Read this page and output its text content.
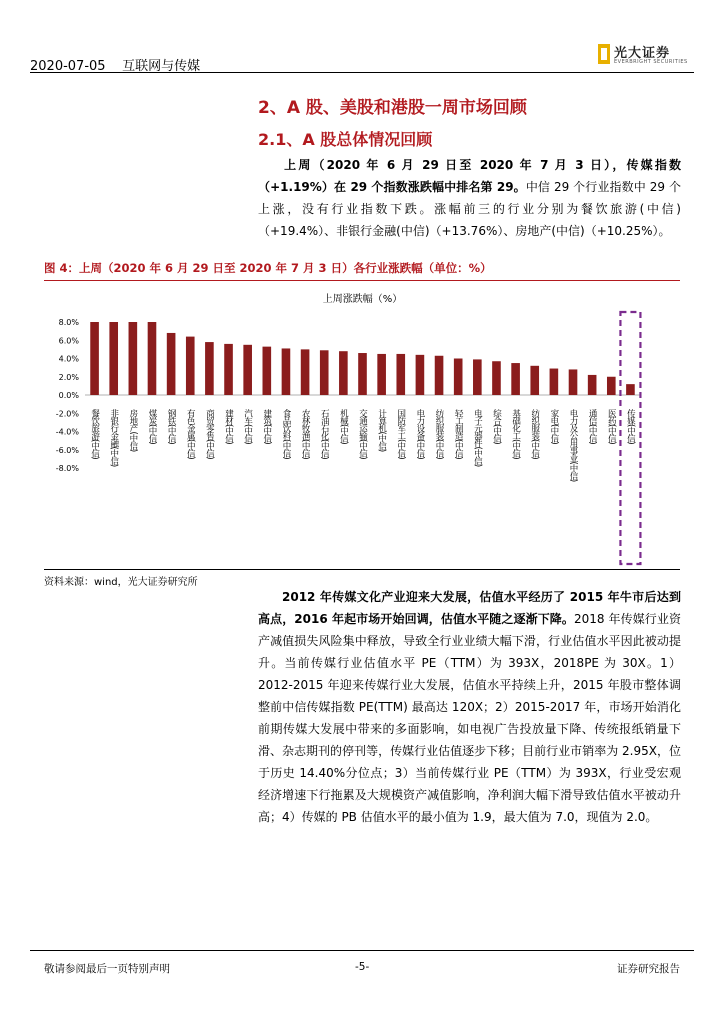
2020-07-05 互联网与传媒
光大证券
EVERBRIGHT SECURITIES
2、A 股、美股和港股一周市场回顾
2.1、A 股总体情况回顾
  上周（2020 年 6 月 29 日至 2020 年 7 月 3 日），传媒指数（+1.19%）在 29 个指数涨跌幅中排名第 29。中信 29 个行业指数中 29 个上涨，没有行业指数下跌。涨幅前三的行业分别为餐饮旅游(中信)（+19.4%）、非银行金融(中信)（+13.76%）、房地产(中信)（+10.25%）。
图 4：上周（2020 年 6 月 29 日至 2020 年 7 月 3 日）各行业涨跌幅（单位：%）
上周涨跌幅（%）
8.0%
6.0%
4.0%
2.0%
0.0%
-2.0%
-4.0%
-6.0%
-8.0%
餐饮旅游(中信) 非银行金融(中信) 房地产(中信) 煤炭(中信) 钢铁(中信) 有色金属(中信) 商贸零售(中信) 建材(中信) 汽车(中信) 建筑(中信) 食品饮料(中信) 农林牧渔(中信) 石油石化(中信) 机械(中信) 交通运输(中信) 计算机(中信) 国防军工(中信) 电力设备(中信) 纺织服装(中信) 轻工制造(中信) 电子元器件(中信) 综合(中信) 基础化工(中信) 纺织服装(中信) 家电(中信) 电力及公用事业(中信) 通信(中信) 医药(中信) 传媒(中信)
资料来源：wind，光大证券研究所
  2012 年传媒文化产业迎来大发展，估值水平经历了 2015 年牛市后达到高点，2016 年起市场开始回调，估值水平随之逐渐下降。2018 年传媒行业资产减值损失风险集中释放，导致全行业业绩大幅下滑，行业估值水平因此被动提升。当前传媒行业估值水平 PE（TTM）为 393X，2018PE 为 30X。1）2012-2015 年迎来传媒行业大发展，估值水平持续上升，2015 年股市整体调整前中信传媒指数 PE(TTM) 最高达 120X；2）2015-2017 年，市场开始消化前期传媒大发展中带来的多面影响，如电视广告投放量下降、传统报纸销量下滑、杂志期刊的停刊等，传媒行业估值逐步下移；目前行业市销率为 2.95X，位于历史 14.40%分位点；3）当前传媒行业 PE（TTM）为 393X，行业受宏观经济增速下行拖累及大规模资产减值影响，净利润大幅下滑导致估值水平被动升高；4）传媒的 PB 估值水平的最小值为 1.9，最大值为 7.0，现值为 2.0。
敬请参阅最后一页特别声明	-5-	证券研究报告
